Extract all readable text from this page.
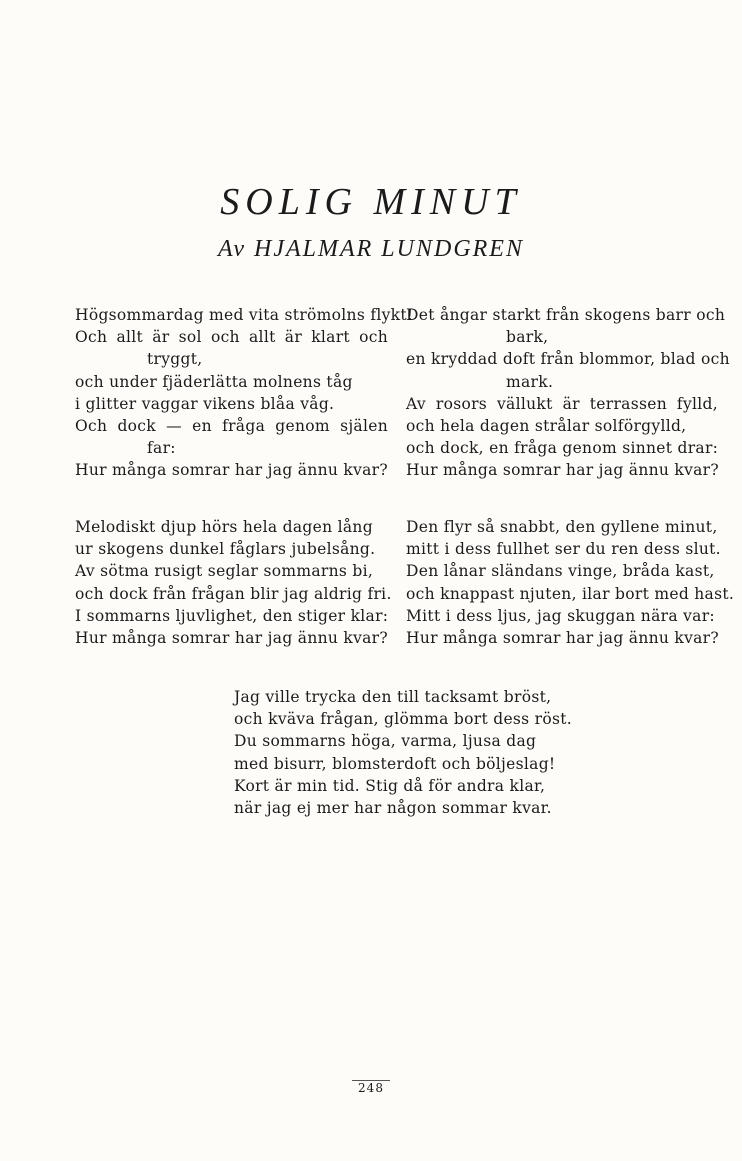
SOLIG MINUT
Av HJALMAR LUNDGREN
Högsommardag med vita strömolns flykt!
Och allt är sol och allt är klart och
tryggt,
och under fjäderlätta molnens tåg
i glitter vaggar vikens blåa våg.
Och dock — en fråga genom själen
far:
Hur många somrar har jag ännu kvar?
Det ångar starkt från skogens barr och
bark,
en kryddad doft från blommor, blad och
mark.
Av rosors vällukt är terrassen fylld,
och hela dagen strålar solförgylld,
och dock, en fråga genom sinnet drar:
Hur många somrar har jag ännu kvar?
Melodiskt djup hörs hela dagen lång
ur skogens dunkel fåglars jubelsång.
Av sötma rusigt seglar sommarns bi,
och dock från frågan blir jag aldrig fri.
I sommarns ljuvlighet, den stiger klar:
Hur många somrar har jag ännu kvar?
Den flyr så snabbt, den gyllene minut,
mitt i dess fullhet ser du ren dess slut.
Den lånar sländans vinge, bråda kast,
och knappast njuten, ilar bort med hast.
Mitt i dess ljus, jag skuggan nära var:
Hur många somrar har jag ännu kvar?
Jag ville trycka den till tacksamt bröst,
och kväva frågan, glömma bort dess röst.
Du sommarns höga, varma, ljusa dag
med bisurr, blomsterdoft och böljeslag!
Kort är min tid. Stig då för andra klar,
när jag ej mer har någon sommar kvar.
248
